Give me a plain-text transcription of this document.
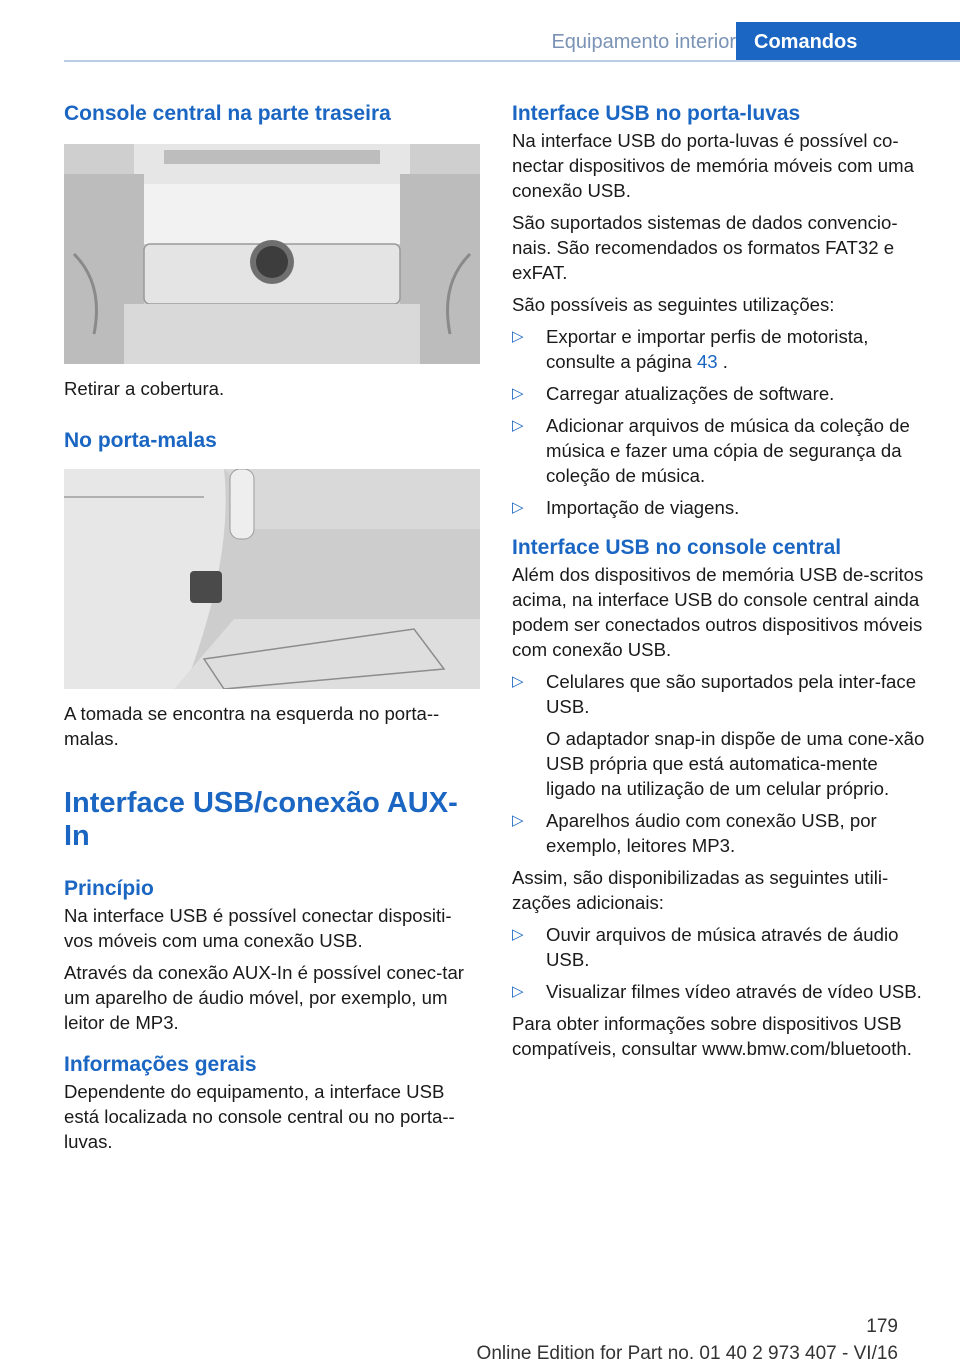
Equipamento interior Comandos
Console central na parte traseira

Retirar a cobertura.

No porta-malas

A tomada se encontra na esquerda no porta--malas.

Interface USB/conexão AUX-In
Princípio

Na interface USB é possível conectar dispositi-vos móveis com uma conexão USB.

Através da conexão AUX-In é possível conec-tar um aparelho de áudio móvel, por exemplo, um leitor de MP3.

Informações gerais

Dependente do equipamento, a interface USB está localizada no console central ou no porta--luvas.

Interface USB no porta-luvas

Na interface USB do porta-luvas é possível co-nectar dispositivos de memória móveis com uma conexão USB.

São suportados sistemas de dados convencio-nais. São recomendados os formatos FAT32 e exFAT.

São possíveis as seguintes utilizações:

▷ Exportar e importar perfis de motorista, consulte a página 43 .
▷ Carregar atualizações de software.
▷ Adicionar arquivos de música da coleção de música e fazer uma cópia de segurança da coleção de música.
▷ Importação de viagens.
Interface USB no console central

Além dos dispositivos de memória USB de-scritos acima, na interface USB do console central ainda podem ser conectados outros dispositivos móveis com conexão USB.

▷ Celulares que são suportados pela inter-face USB.
O adaptador snap-in dispõe de uma cone-xão USB própria que está automatica-mente ligado na utilização de um celular próprio.
▷ Aparelhos áudio com conexão USB, por exemplo, leitores MP3.

Assim, são disponibilizadas as seguintes utili-zações adicionais:

▷ Ouvir arquivos de música através de áudio USB.
▷ Visualizar filmes vídeo através de vídeo USB.

Para obter informações sobre dispositivos USB compatíveis, consultar www.bmw.com/bluetooth.

179
Online Edition for Part no. 01 40 2 973 407 - VI/16
